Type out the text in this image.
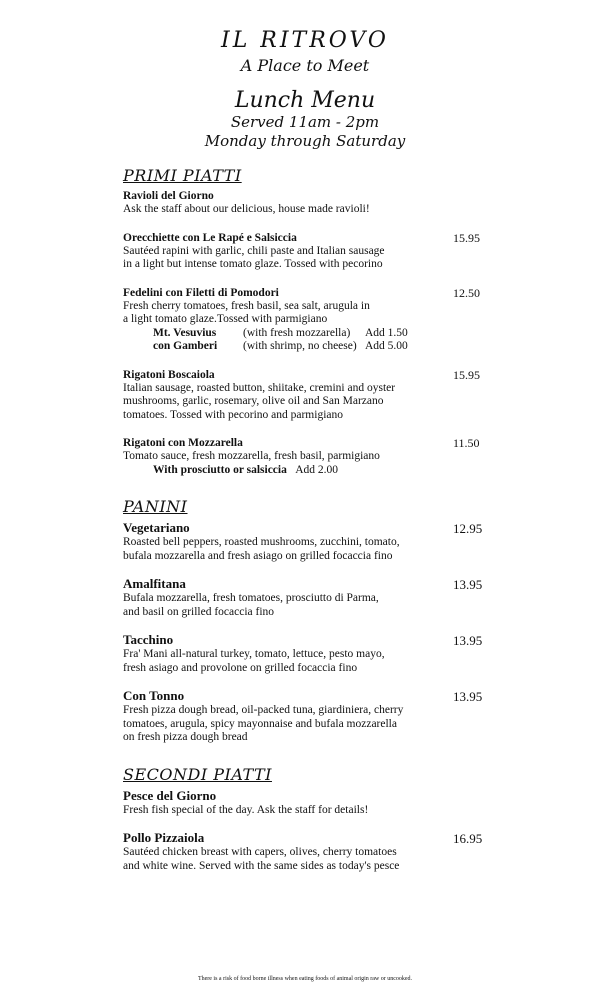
IL RITROVO
A Place to Meet
Lunch Menu
Served 11am - 2pm
Monday through Saturday
PRIMI PIATTI
Ravioli del Giorno
Ask the staff about our delicious, house made ravioli!
Orecchiette con Le Rapé e Salsiccia	15.95
Sautéed rapini with garlic, chili paste and Italian sausage
in a light but intense tomato glaze. Tossed with pecorino
Fedelini con Filetti di Pomodori	12.50
Fresh cherry tomatoes, fresh basil, sea salt, arugula in
a light tomato glaze.Tossed with parmigiano
Mt. Vesuvius	(with fresh mozzarella)	Add 1.50
con Gamberi	(with shrimp, no cheese) Add 5.00
Rigatoni Boscaiola	15.95
Italian sausage, roasted button, shiitake, cremini and oyster
mushrooms, garlic, rosemary, olive oil and San Marzano
tomatoes. Tossed with pecorino and parmigiano
Rigatoni con Mozzarella	11.50
Tomato sauce, fresh mozzarella, fresh basil, parmigiano
With prosciutto or salsiccia Add 2.00
PANINI
Vegetariano	12.95
Roasted bell peppers, roasted mushrooms, zucchini, tomato,
bufala mozzarella and fresh asiago on grilled focaccia fino
Amalfitana	13.95
Bufala mozzarella, fresh tomatoes, prosciutto di Parma,
and basil on grilled focaccia fino
Tacchino	13.95
Fra' Mani all-natural turkey, tomato, lettuce, pesto mayo,
fresh asiago and provolone on grilled focaccia fino
Con Tonno	13.95
Fresh pizza dough bread, oil-packed tuna, giardiniera, cherry
tomatoes, arugula, spicy mayonnaise and bufala mozzarella
on fresh pizza dough bread
SECONDI PIATTI
Pesce del Giorno
Fresh fish special of the day. Ask the staff for details!
Pollo Pizzaiola	16.95
Sautéed chicken breast with capers, olives, cherry tomatoes
and white wine. Served with the same sides as today's pesce
There is a risk of food borne illness when eating foods of animal origin raw or uncooked.
